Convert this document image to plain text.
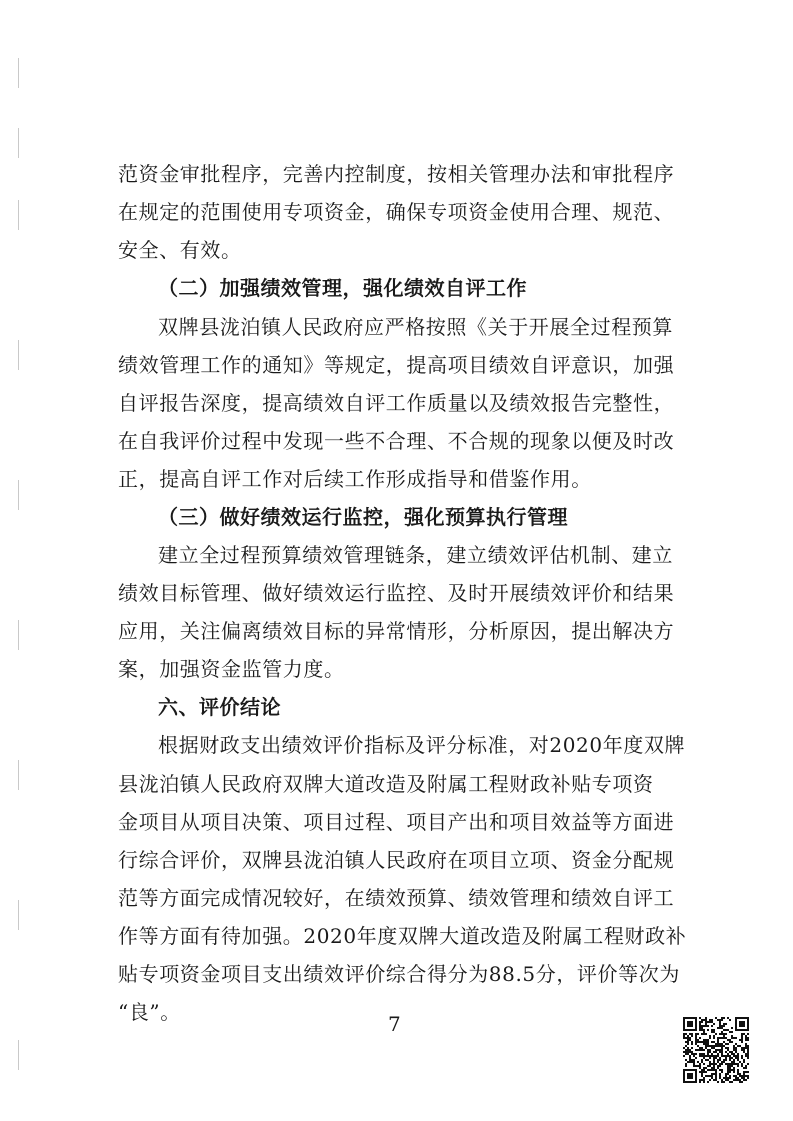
范资金审批程序，完善内控制度，按相关管理办法和审批程序
在规定的范围使用专项资金，确保专项资金使用合理、规范、
安全、有效。
（二）加强绩效管理，强化绩效自评工作
双牌县泷泊镇人民政府应严格按照《关于开展全过程预算
绩效管理工作的通知》等规定，提高项目绩效自评意识，加强
自评报告深度，提高绩效自评工作质量以及绩效报告完整性，
在自我评价过程中发现一些不合理、不合规的现象以便及时改
正，提高自评工作对后续工作形成指导和借鉴作用。
（三）做好绩效运行监控，强化预算执行管理
建立全过程预算绩效管理链条，建立绩效评估机制、建立
绩效目标管理、做好绩效运行监控、及时开展绩效评价和结果
应用，关注偏离绩效目标的异常情形，分析原因，提出解决方
案，加强资金监管力度。
六、评价结论
根据财政支出绩效评价指标及评分标准，对2020年度双牌
县泷泊镇人民政府双牌大道改造及附属工程财政补贴专项资
金项目从项目决策、项目过程、项目产出和项目效益等方面进
行综合评价，双牌县泷泊镇人民政府在项目立项、资金分配规
范等方面完成情况较好，在绩效预算、绩效管理和绩效自评工
作等方面有待加强。2020年度双牌大道改造及附属工程财政补
贴专项资金项目支出绩效评价综合得分为88.5分，评价等次为
“良”。	7
